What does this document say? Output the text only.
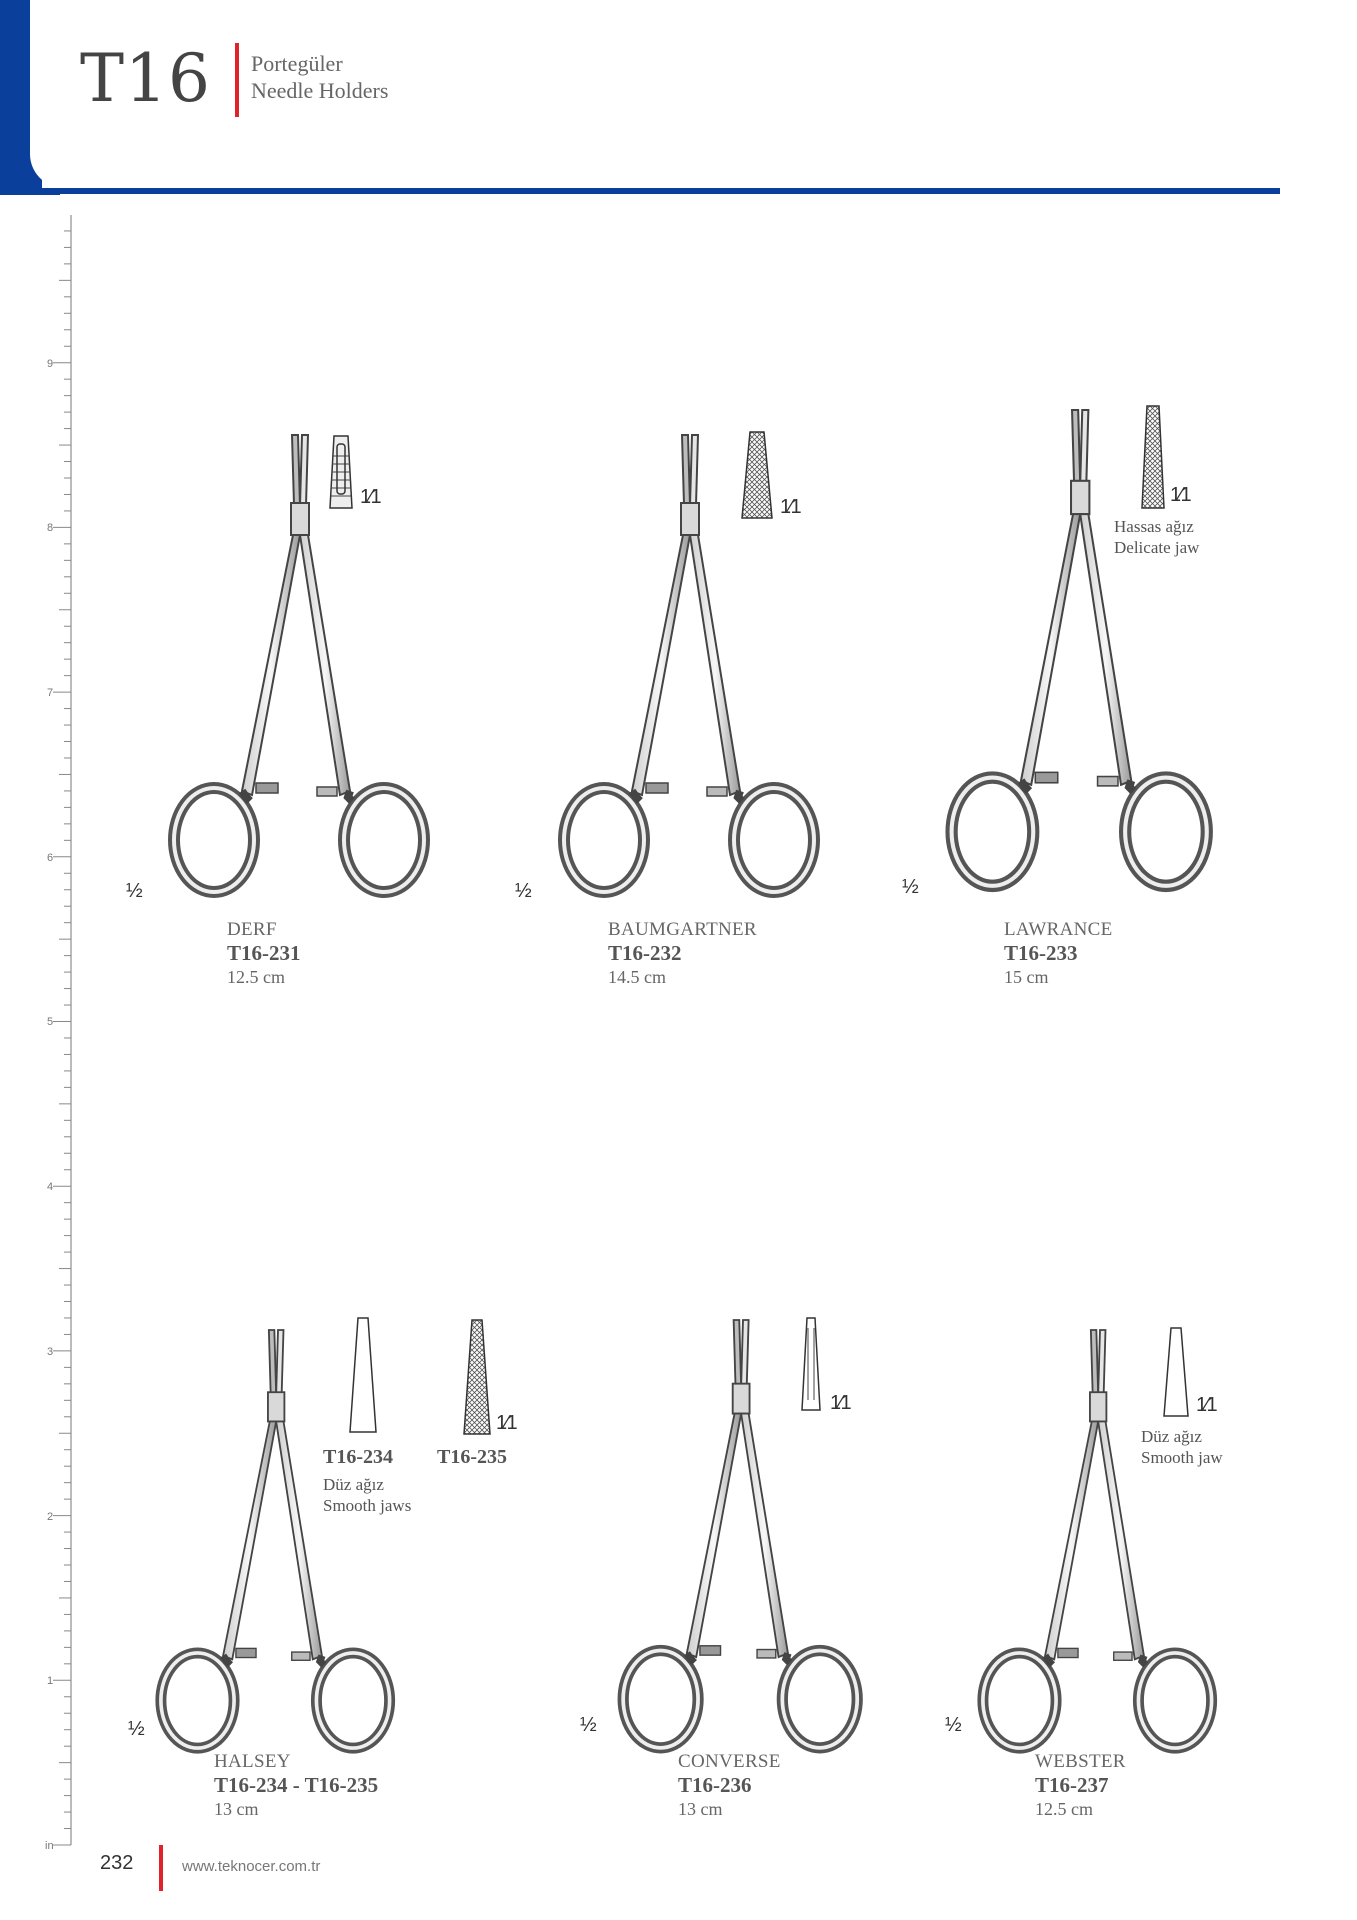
T16 Portegüler
Needle Holders
9
8
7
6
5
4
3
2
1
in
1⁄1
½
DERF
T16-231
12.5 cm
1⁄1
½
BAUMGARTNER
T16-232
14.5 cm
1⁄1
Hassas ağız
Delicate jaw
½
LAWRANCE
T16-233
15 cm
1⁄1
T16-234 T16-235
Düz ağız
Smooth jaws
½
HALSEY
T16-234 - T16-235
13 cm
1⁄1
½
CONVERSE
T16-236
13 cm
1⁄1
Düz ağız
Smooth jaw
½
WEBSTER
T16-237
12.5 cm
232	www.teknocer.com.tr
